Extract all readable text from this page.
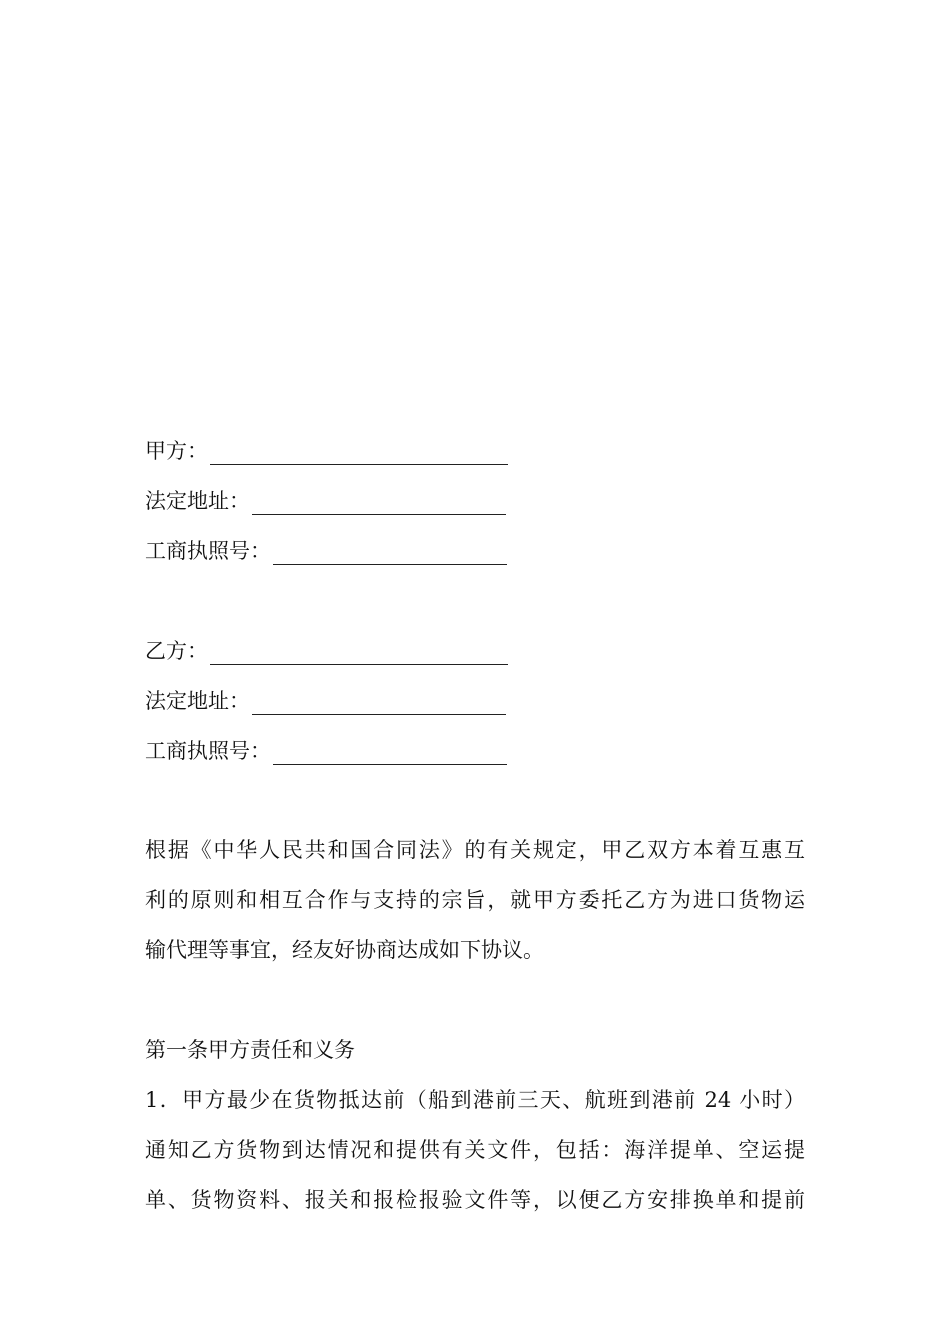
甲方：
法定地址：
工商执照号：
乙方：
法定地址：
工商执照号：
根据《中华人民共和国合同法》的有关规定，甲乙双方本着互惠互
利的原则和相互合作与支持的宗旨，就甲方委托乙方为进口货物运
输代理等事宜，经友好协商达成如下协议。
第一条甲方责任和义务
1．甲方最少在货物抵达前（船到港前三天、航班到港前 24 小时）
通知乙方货物到达情况和提供有关文件，包括：海洋提单、空运提
单、货物资料、报关和报检报验文件等，以便乙方安排换单和提前
